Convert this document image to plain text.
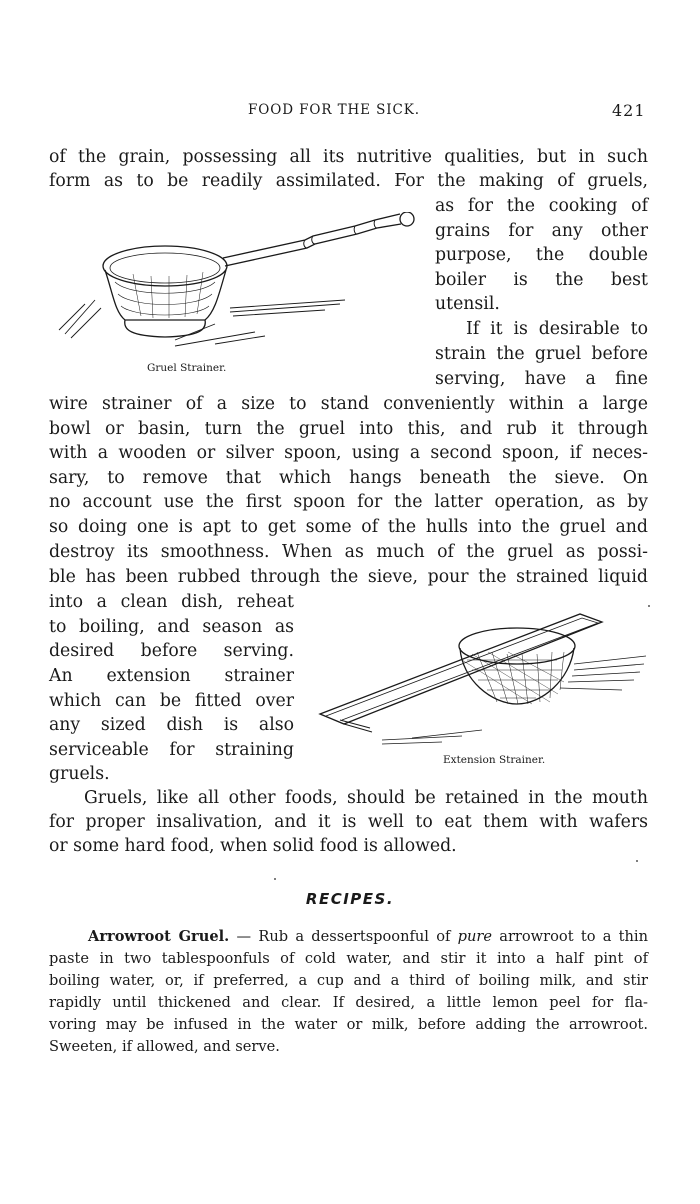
FOOD FOR THE SICK.	421
of the grain, possessing all its nutritive qualities, but in such
form as to be readily assimilated. For the making of gruels,
Gruel Strainer.
as for the cooking of
grains for any other
purpose, the double
boiler is the best
utensil.
If it is desirable to
strain the gruel before
serving, have a fine
wire strainer of a size to stand conveniently within a large
bowl or basin, turn the gruel into this, and rub it through
with a wooden or silver spoon, using a second spoon, if neces-
sary, to remove that which hangs beneath the sieve. On
no account use the first spoon for the latter operation, as by
so doing one is apt to get some of the hulls into the gruel and
destroy its smoothness. When as much of the gruel as possi-
ble has been rubbed through the sieve, pour the strained liquid
into a clean dish, reheat
to boiling, and season as
desired before serving.
An extension strainer
which can be fitted over
any sized dish is also
serviceable for straining
gruels.
Extension Strainer.
Gruels, like all other foods, should be retained in the mouth
for proper insalivation, and it is well to eat them with wafers
or some hard food, when solid food is allowed.
RECIPES.
Arrowroot Gruel. — Rub a dessertspoonful of pure arrowroot to a thin
paste in two tablespoonfuls of cold water, and stir it into a half pint of
boiling water, or, if preferred, a cup and a third of boiling milk, and stir
rapidly until thickened and clear. If desired, a little lemon peel for fla-
voring may be infused in the water or milk, before adding the arrowroot.
Sweeten, if allowed, and serve.
